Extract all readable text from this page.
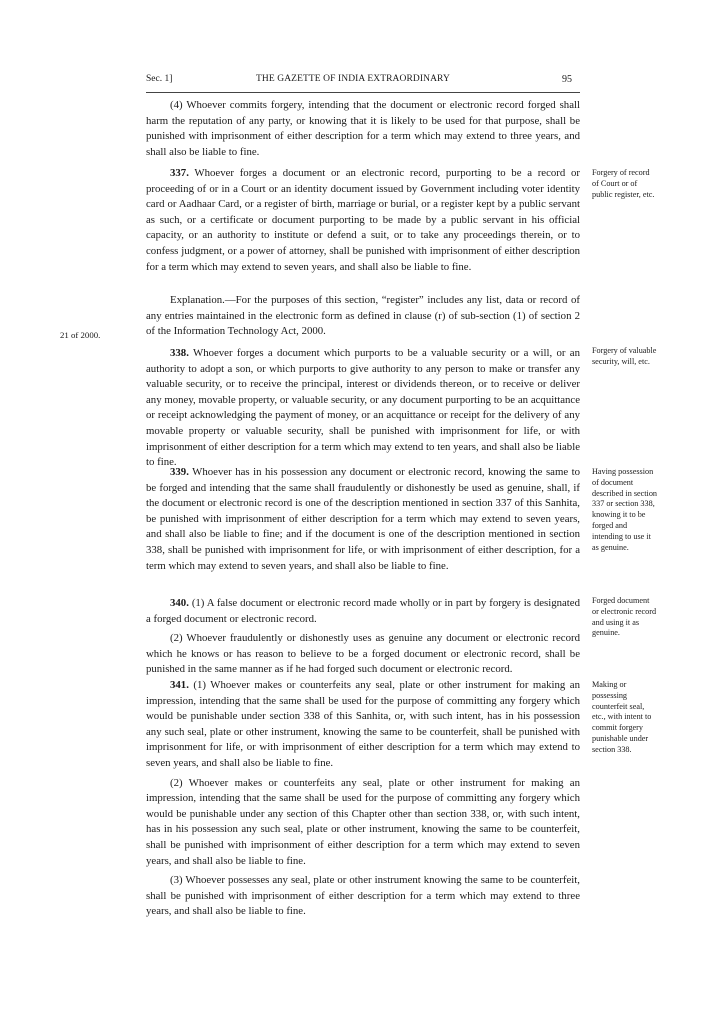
Sec. 1]	THE GAZETTE OF INDIA EXTRAORDINARY	95

(4) Whoever commits forgery, intending that the document or electronic record forged shall harm the reputation of any party, or knowing that it is likely to be used for that purpose, shall be punished with imprisonment of either description for a term which may extend to three years, and shall also be liable to fine.

337. Whoever forges a document or an electronic record, purporting to be a record or proceeding of or in a Court or an identity document issued by Government including voter identity card or Aadhaar Card, or a register of birth, marriage or burial, or a register kept by a public servant as such, or a certificate or document purporting to be made by a public servant in his official capacity, or an authority to institute or defend a suit, or to take any proceedings therein, or to confess judgment, or a power of attorney, shall be punished with imprisonment of either description for a term which may extend to seven years, and shall also be liable to fine.

Explanation.—For the purposes of this section, “register” includes any list, data or record of any entries maintained in the electronic form as defined in clause (r) of sub-section (1) of section 2 of the Information Technology Act, 2000.

338. Whoever forges a document which purports to be a valuable security or a will, or an authority to adopt a son, or which purports to give authority to any person to make or transfer any valuable security, or to receive the principal, interest or dividends thereon, or to receive or deliver any money, movable property, or valuable security, or any document purporting to be an acquittance or receipt acknowledging the payment of money, or an acquittance or receipt for the delivery of any movable property or valuable security, shall be punished with imprisonment for life, or with imprisonment of either description for a term which may extend to ten years, and shall also be liable to fine.

339. Whoever has in his possession any document or electronic record, knowing the same to be forged and intending that the same shall fraudulently or dishonestly be used as genuine, shall, if the document or electronic record is one of the description mentioned in section 337 of this Sanhita, be punished with imprisonment of either description for a term which may extend to seven years, and shall also be liable to fine; and if the document is one of the description mentioned in section 338, shall be punished with imprisonment for life, or with imprisonment of either description, for a term which may extend to seven years, and shall also be liable to fine.

340. (1) A false document or electronic record made wholly or in part by forgery is designated a forged document or electronic record.

(2) Whoever fraudulently or dishonestly uses as genuine any document or electronic record which he knows or has reason to believe to be a forged document or electronic record, shall be punished in the same manner as if he had forged such document or electronic record.

341. (1) Whoever makes or counterfeits any seal, plate or other instrument for making an impression, intending that the same shall be used for the purpose of committing any forgery which would be punishable under section 338 of this Sanhita, or, with such intent, has in his possession any such seal, plate or other instrument, knowing the same to be counterfeit, shall be punished with imprisonment for life, or with imprisonment of either description for a term which may extend to seven years, and shall also be liable to fine.

(2) Whoever makes or counterfeits any seal, plate or other instrument for making an impression, intending that the same shall be used for the purpose of committing any forgery which would be punishable under any section of this Chapter other than section 338, or, with such intent, has in his possession any such seal, plate or other instrument, knowing the same to be counterfeit, shall be punished with imprisonment of either description for a term which may extend to seven years, and shall also be liable to fine.

(3) Whoever possesses any seal, plate or other instrument knowing the same to be counterfeit, shall be punished with imprisonment of either description for a term which may extend to three years, and shall also be liable to fine.

Forgery of record of Court or of public register, etc.
Forgery of valuable security, will, etc.
Having possession of document described in section 337 or section 338, knowing it to be forged and intending to use it as genuine.
Forged document or electronic record and using it as genuine.
Making or possessing counterfeit seal, etc., with intent to commit forgery punishable under section 338.
21 of 2000.
